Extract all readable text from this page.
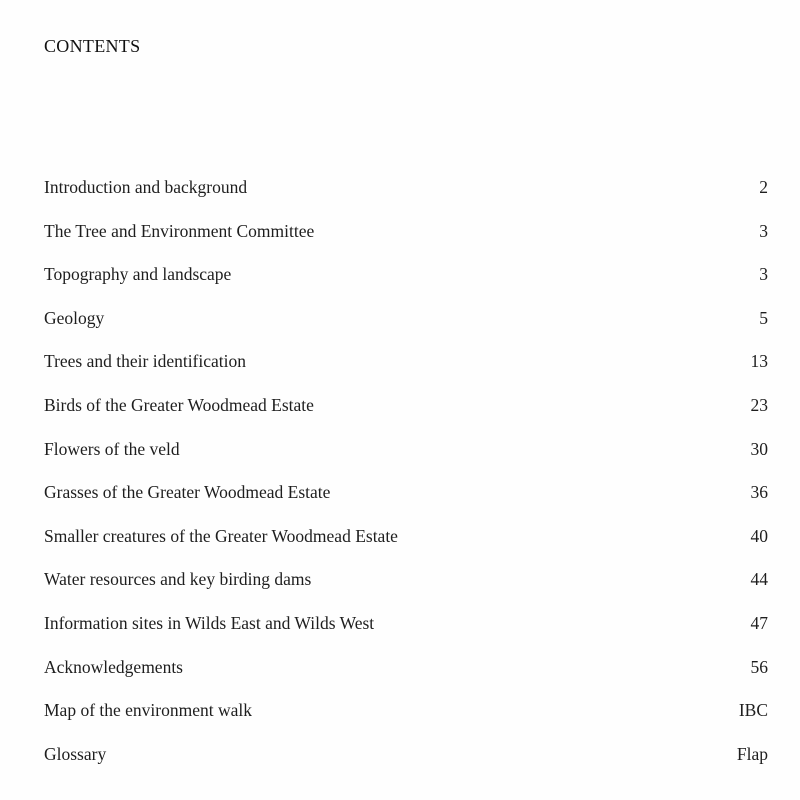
CONTENTS
Introduction and background	2
The Tree and Environment Committee	3
Topography and landscape	3
Geology	5
Trees and their identification	13
Birds of the Greater Woodmead Estate	23
Flowers of the veld	30
Grasses of the Greater Woodmead Estate	36
Smaller creatures of the Greater Woodmead Estate	40
Water resources and key birding dams	44
Information sites in Wilds East and Wilds West	47
Acknowledgements	56
Map of the environment walk	IBC
Glossary	Flap
